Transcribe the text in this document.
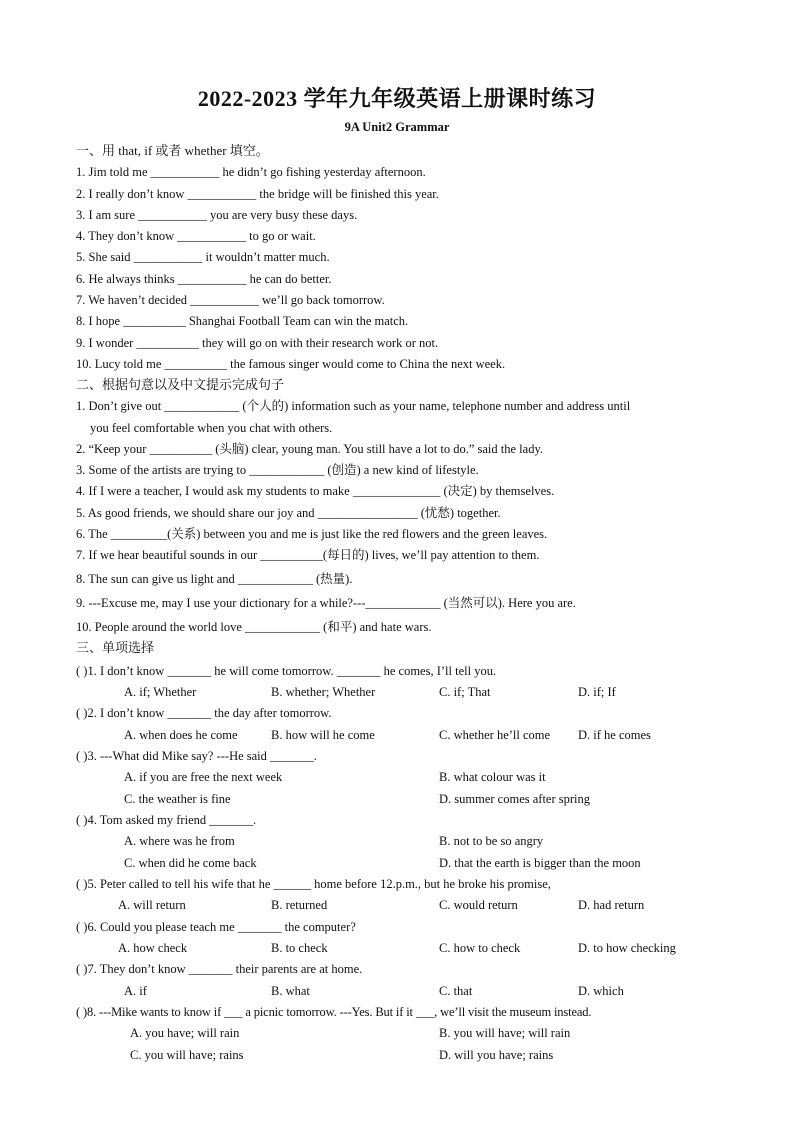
2022-2023 学年九年级英语上册课时练习
9A Unit2 Grammar
一、用 that, if 或者 whether 填空。
1. Jim told me ___________ he didn’t go fishing yesterday afternoon.
2. I really don’t know ___________ the bridge will be finished this year.
3. I am sure ___________ you are very busy these days.
4. They don’t know ___________ to go or wait.
5. She said ___________ it wouldn’t matter much.
6. He always thinks ___________ he can do better.
7. We haven’t decided ___________ we’ll go back tomorrow.
8. I hope __________ Shanghai Football Team can win the match.
9. I wonder __________ they will go on with their research work or not.
10. Lucy told me __________ the famous singer would come to China the next week.
二、根据句意以及中文提示完成句子
1. Don’t give out ____________ (个人的) information such as your name, telephone number and address until
you feel comfortable when you chat with others.
2. “Keep your __________ (头脑) clear, young man. You still have a lot to do.” said the lady.
3. Some of the artists are trying to ____________ (创造) a new kind of lifestyle.
4. If I were a teacher, I would ask my students to make ______________ (决定) by themselves.
5. As good friends, we should share our joy and ________________ (忧愁) together.
6. The _________(关系) between you and me is just like the red flowers and the green leaves.
7. If we hear beautiful sounds in our __________(每日的) lives, we’ll pay attention to them.
8. The sun can give us light and ____________ (热量).
9. ---Excuse me, may I use your dictionary for a while?---____________ (当然可以). Here you are.
10. People around the world love ____________ (和平) and hate wars.
三、单项选择
( )1. I don’t know _______ he will come tomorrow. _______ he comes, I’ll tell you.
A. if; Whether	B. whether; Whether	C. if; That	D. if; If
( )2. I don’t know _______ the day after tomorrow.
A. when does he come	B. how will he come	C. whether he’ll come D. if he comes
( )3. ---What did Mike say? ---He said _______.
A. if you are free the next week	B. what colour was it
C. the weather is fine	D. summer comes after spring
( )4. Tom asked my friend _______.
A. where was he from	B. not to be so angry
C. when did he come back	D. that the earth is bigger than the moon
( )5. Peter called to tell his wife that he ______ home before 12.p.m., but he broke his promise,
A. will return	B. returned	C. would return	D. had return
( )6. Could you please teach me _______ the computer?
A. how check	B. to check	C. how to check	D. to how checking
( )7. They don’t know _______ their parents are at home.
A. if	B. what	C. that	D. which
( )8. ---Mike wants to know if ___ a picnic tomorrow. ---Yes. But if it ___, we’ll visit the museum instead.
A. you have; will rain	B. you will have; will rain
C. you will have; rains	D. will you have; rains
